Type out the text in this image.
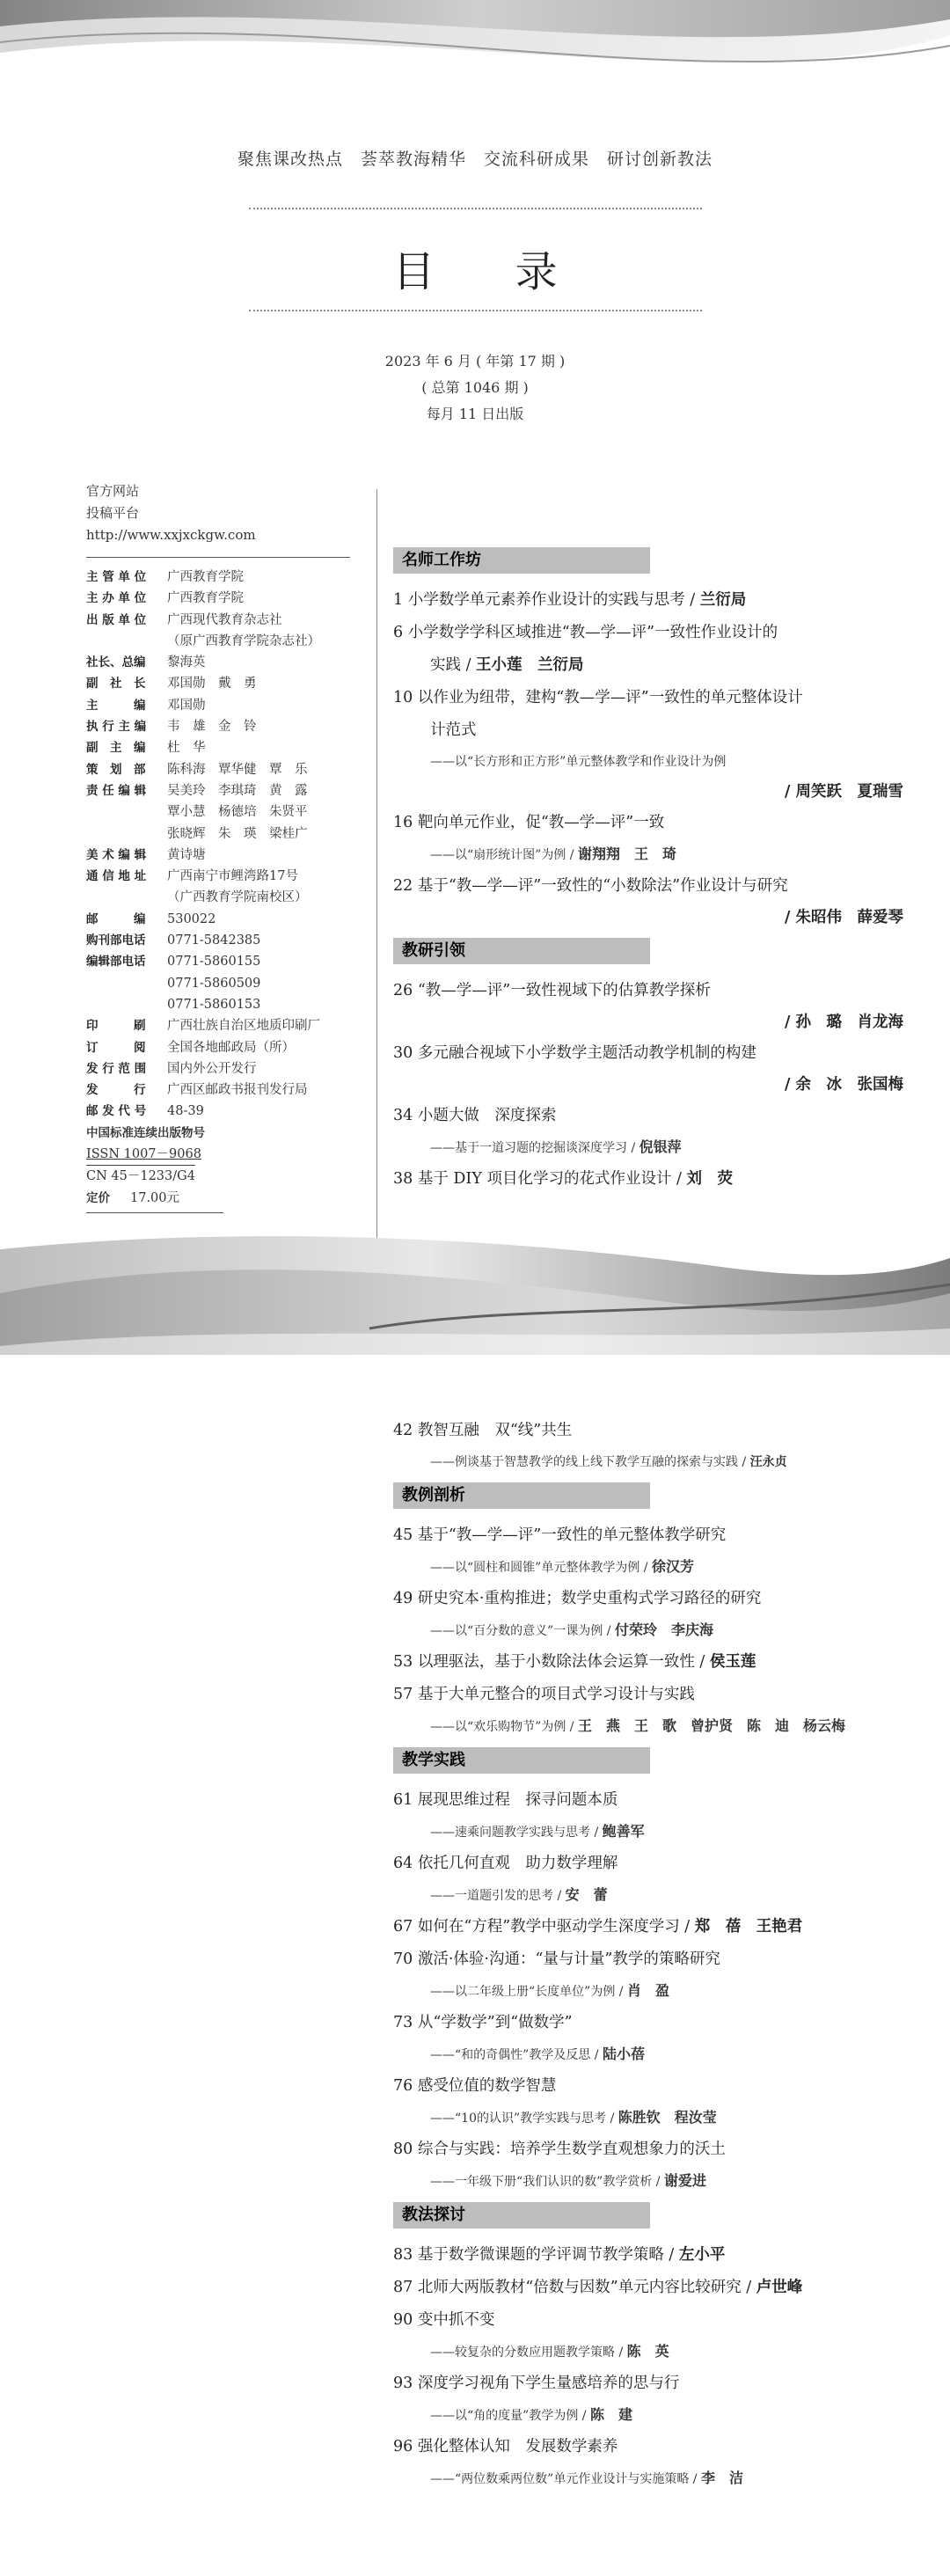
聚焦课改热点　荟萃教海精华　交流科研成果　研讨创新教法
目 录
2023 年 6 月 ( 年第 17 期 )
( 总第 1046 期 )
每月 11 日出版
官方网站
投稿平台
http://www.xxjxckgw.com
主 管 单 位	广西教育学院
主 办 单 位	广西教育学院
出 版 单 位	广西现代教育杂志社
（原广西教育学院杂志社）
社长、总编	黎海英
副　社　长	邓国勋　戴　勇
主　　　编	邓国勋
执 行 主 编	韦　雄　金　铃
副　主　编	杜　华
策　划　部	陈科海　覃华健　覃　乐
责 任 编 辑	吴美玲　李琪琦　黄　露
覃小慧　杨德培　朱贤平
张晓辉　朱　瑛　梁桂广
美 术 编 辑	黄诗塘
通 信 地 址	广西南宁市鲤湾路17号
（广西教育学院南校区）
邮　　　编	530022
购刊部电话	0771-5842385
编辑部电话	0771-5860155
0771-5860509
0771-5860153
印　　　刷	广西壮族自治区地质印刷厂
订　　　阅	全国各地邮政局（所）
发 行 范 围	国内外公开发行
发　　　行	广西区邮政书报刊发行局
邮 发 代 号	48-39
中国标准连续出版物号
ISSN 1007－9068
CN 45－1233/G4
定价	17.00元
名师工作坊
1 小学数学单元素养作业设计的实践与思考 / 兰衍局
6 小学数学学科区域推进“教—学—评”一致性作业设计的
实践 / 王小莲　兰衍局
10 以作业为纽带，建构“教—学—评”一致性的单元整体设计
计范式
——以“长方形和正方形”单元整体教学和作业设计为例
/ 周笑跃　夏瑞雪
16 靶向单元作业，促“教—学—评”一致
——以“扇形统计图”为例 / 谢翔翔　王　琦
22 基于“教—学—评”一致性的“小数除法”作业设计与研究
/ 朱昭伟　薛爱琴
教研引领
26 “教—学—评”一致性视域下的估算教学探析
/ 孙　璐　肖龙海
30 多元融合视域下小学数学主题活动教学机制的构建
/ 余　冰　张国梅
34 小题大做　深度探索
——基于一道习题的挖掘谈深度学习 / 倪银萍
38 基于 DIY 项目化学习的花式作业设计 / 刘　荧
42 教智互融　双“线”共生
——例谈基于智慧教学的线上线下教学互融的探索与实践 / 汪永贞
教例剖析
45 基于“教—学—评”一致性的单元整体教学研究
——以“圆柱和圆锥”单元整体教学为例 / 徐汉芳
49 研史究本·重构推进；数学史重构式学习路径的研究
——以“百分数的意义”一课为例 / 付荣玲　李庆海
53 以理驱法，基于小数除法体会运算一致性 / 侯玉莲
57 基于大单元整合的项目式学习设计与实践
——以“欢乐购物节”为例 / 王　燕　王　歌　曾护贤　陈　迪　杨云梅
教学实践
61 展现思维过程　探寻问题本质
——速乘问题教学实践与思考 / 鲍善军
64 依托几何直观　助力数学理解
——一道题引发的思考 / 安　蕾
67 如何在“方程”教学中驱动学生深度学习 / 郑　蓓　王艳君
70 激活·体验·沟通：“量与计量”教学的策略研究
——以二年级上册“长度单位”为例 / 肖　盈
73 从“学数学”到“做数学”
——“和的奇偶性”教学及反思 / 陆小蓓
76 感受位值的数学智慧
——“10的认识”教学实践与思考 / 陈胜钦　程汝莹
80 综合与实践：培养学生数学直观想象力的沃土
——一年级下册“我们认识的数”教学赏析 / 谢爱进
教法探讨
83 基于数学微课题的学评调节教学策略 / 左小平
87 北师大两版教材“倍数与因数”单元内容比较研究 / 卢世峰
90 变中抓不变
——较复杂的分数应用题教学策略 / 陈　英
93 深度学习视角下学生量感培养的思与行
——以“角的度量”教学为例 / 陈　建
96 强化整体认知　发展数学素养
——“两位数乘两位数”单元作业设计与实施策略 / 李　洁
